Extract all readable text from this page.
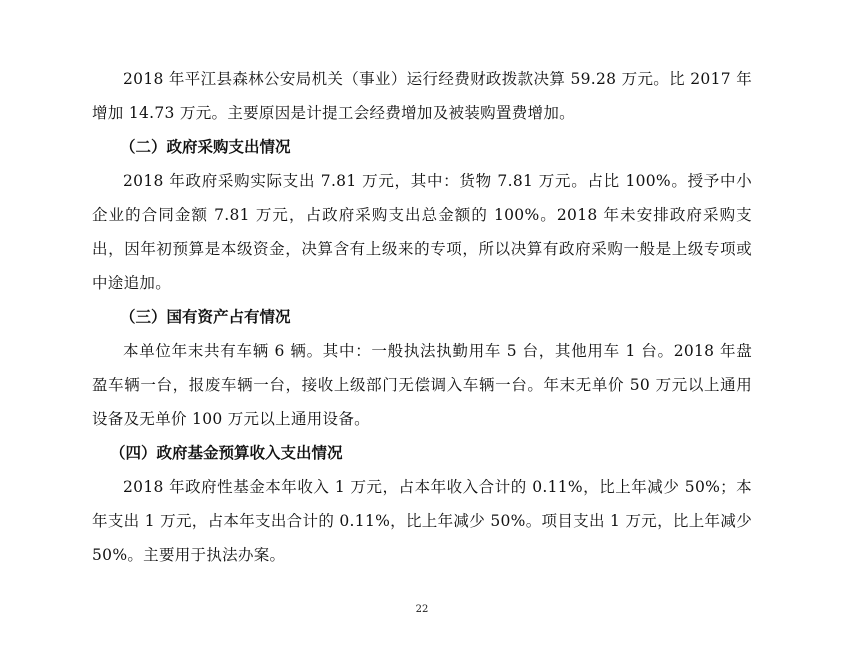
2018 年平江县森林公安局机关（事业）运行经费财政拨款决算 59.28 万元。比 2017 年增加 14.73 万元。主要原因是计提工会经费增加及被装购置费增加。

（二）政府采购支出情况

2018 年政府采购实际支出 7.81 万元，其中：货物 7.81 万元。占比 100%。授予中小企业的合同金额 7.81 万元，占政府采购支出总金额的 100%。2018 年未安排政府采购支出，因年初预算是本级资金，决算含有上级来的专项，所以决算有政府采购一般是上级专项或中途追加。

（三）国有资产占有情况

本单位年末共有车辆 6 辆。其中：一般执法执勤用车 5 台，其他用车 1 台。2018 年盘盈车辆一台，报废车辆一台，接收上级部门无偿调入车辆一台。年末无单价 50 万元以上通用设备及无单价 100 万元以上通用设备。

（四）政府基金预算收入支出情况

2018 年政府性基金本年收入 1 万元，占本年收入合计的 0.11%，比上年减少 50%；本年支出 1 万元，占本年支出合计的 0.11%，比上年减少 50%。项目支出 1 万元，比上年减少 50%。主要用于执法办案。

22
